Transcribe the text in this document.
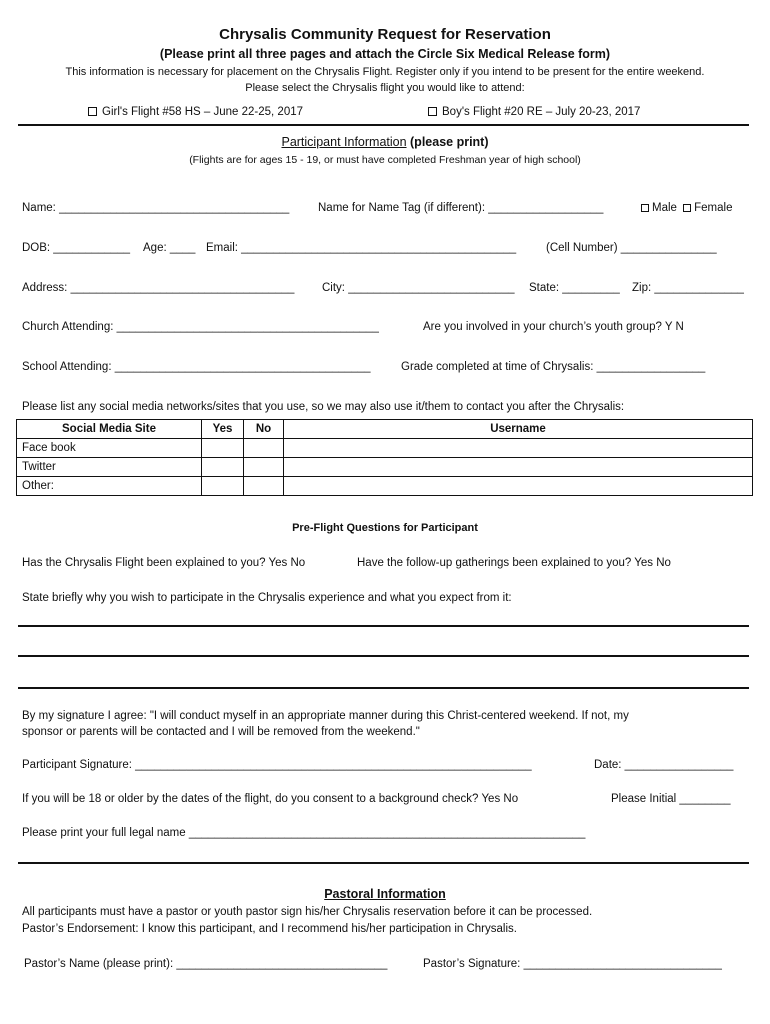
Chrysalis Community Request for Reservation
(Please print all three pages and attach the Circle Six Medical Release form)
This information is necessary for placement on the Chrysalis Flight. Register only if you intend to be present for the entire weekend.
Please select the Chrysalis flight you would like to attend:
Girl's Flight #58 HS – June 22-25, 2017	Boy's Flight #20 RE – July 20-23, 2017
Participant Information (please print)
(Flights are for ages 15 - 19, or must have completed Freshman year of high school)
Name: ____________________________________ Name for Name Tag (if different): __________________	Male Female
DOB: ____________ Age: ____ Email: ___________________________________________	(Cell Number) _______________
Address: ___________________________________ City: __________________________ State: _________ Zip: ______________
Church Attending: _________________________________________	Are you involved in your church’s youth group? Y N
School Attending: ________________________________________	Grade completed at time of Chrysalis: _________________
Please list any social media networks/sites that you use, so we may also use it/them to contact you after the Chrysalis:
Social Media Site	Yes	No	Username
Face book			
Twitter			
Other:			
Pre-Flight Questions for Participant
Has the Chrysalis Flight been explained to you? Yes No	Have the follow-up gatherings been explained to you? Yes No
State briefly why you wish to participate in the Chrysalis experience and what you expect from it:
By my signature I agree: "I will conduct myself in an appropriate manner during this Christ-centered weekend. If not, my
sponsor or parents will be contacted and I will be removed from the weekend."
Participant Signature: ______________________________________________________________	Date: _________________
If you will be 18 or older by the dates of the flight, do you consent to a background check? Yes No	Please Initial ________
Please print your full legal name ______________________________________________________________
Pastoral Information
All participants must have a pastor or youth pastor sign his/her Chrysalis reservation before it can be processed.
Pastor’s Endorsement: I know this participant, and I recommend his/her participation in Chrysalis.
Pastor’s Name (please print): _________________________________	Pastor’s Signature: _______________________________
